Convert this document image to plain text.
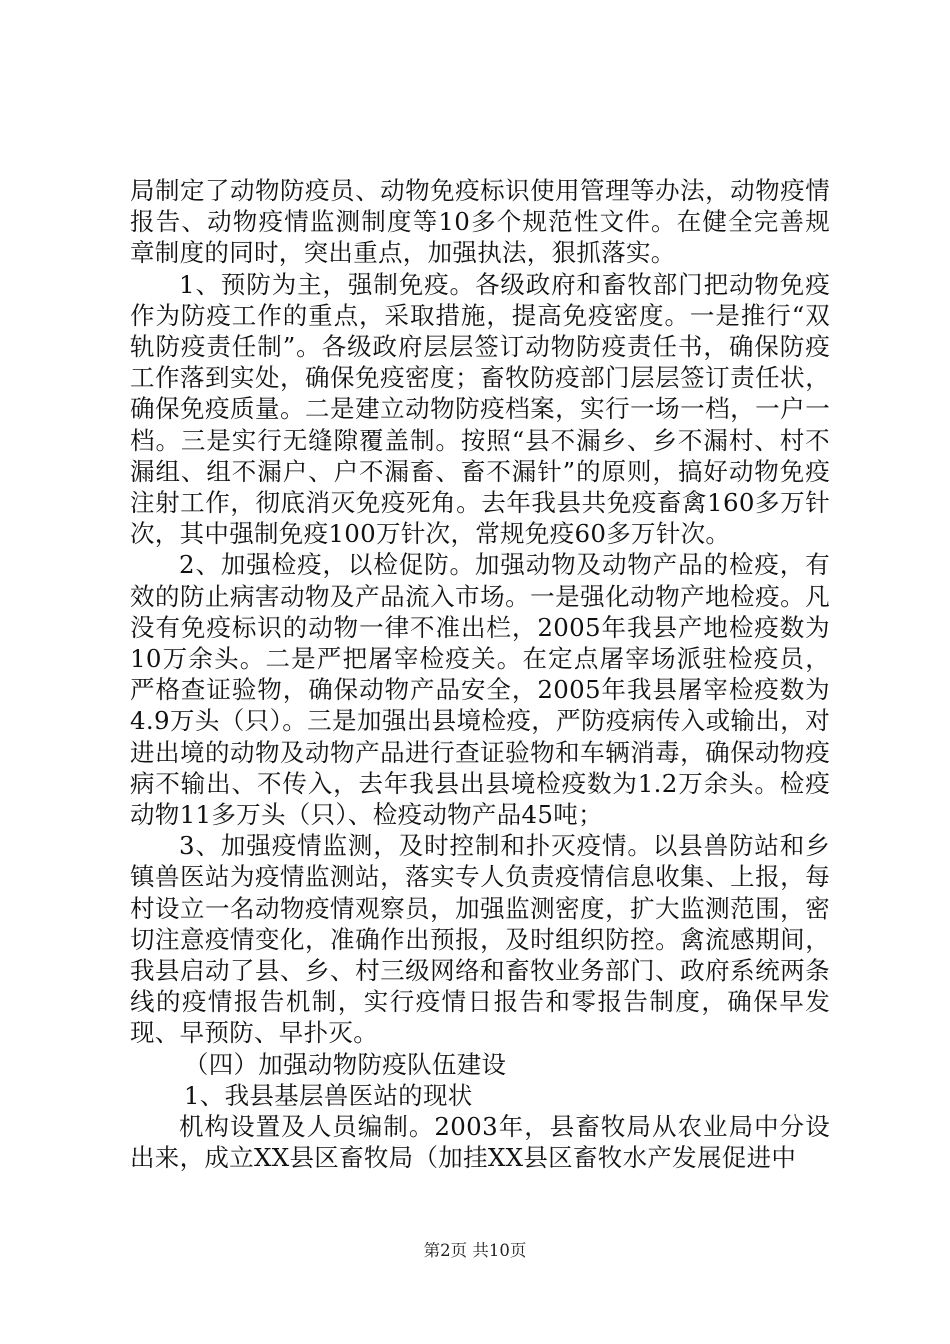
局制定了动物防疫员、动物免疫标识使用管理等办法，动物疫情报告、动物疫情监测制度等10多个规范性文件。在健全完善规章制度的同时，突出重点，加强执法，狠抓落实。

1、预防为主，强制免疫。各级政府和畜牧部门把动物免疫作为防疫工作的重点，采取措施，提高免疫密度。一是推行“双轨防疫责任制”。各级政府层层签订动物防疫责任书，确保防疫工作落到实处，确保免疫密度；畜牧防疫部门层层签订责任状，确保免疫质量。二是建立动物防疫档案，实行一场一档，一户一档。三是实行无缝隙覆盖制。按照“县不漏乡、乡不漏村、村不漏组、组不漏户、户不漏畜、畜不漏针”的原则，搞好动物免疫注射工作，彻底消灭免疫死角。去年我县共免疫畜禽160多万针次，其中强制免疫100万针次，常规免疫60多万针次。

2、加强检疫，以检促防。加强动物及动物产品的检疫，有效的防止病害动物及产品流入市场。一是强化动物产地检疫。凡没有免疫标识的动物一律不准出栏，2005年我县产地检疫数为10万余头。二是严把屠宰检疫关。在定点屠宰场派驻检疫员，严格查证验物，确保动物产品安全，2005年我县屠宰检疫数为4.9万头（只）。三是加强出县境检疫，严防疫病传入或输出，对进出境的动物及动物产品进行查证验物和车辆消毒，确保动物疫病不输出、不传入，去年我县出县境检疫数为1.2万余头。检疫动物11多万头（只）、检疫动物产品45吨；

3、加强疫情监测，及时控制和扑灭疫情。以县兽防站和乡镇兽医站为疫情监测站，落实专人负责疫情信息收集、上报，每村设立一名动物疫情观察员，加强监测密度，扩大监测范围，密切注意疫情变化，准确作出预报，及时组织防控。禽流感期间，我县启动了县、乡、村三级网络和畜牧业务部门、政府系统两条线的疫情报告机制，实行疫情日报告和零报告制度，确保早发现、早预防、早扑灭。

（四）加强动物防疫队伍建设

1、我县基层兽医站的现状

机构设置及人员编制。2003年，县畜牧局从农业局中分设出来，成立XX县区畜牧局（加挂XX县区畜牧水产发展促进中

第2页 共10页
